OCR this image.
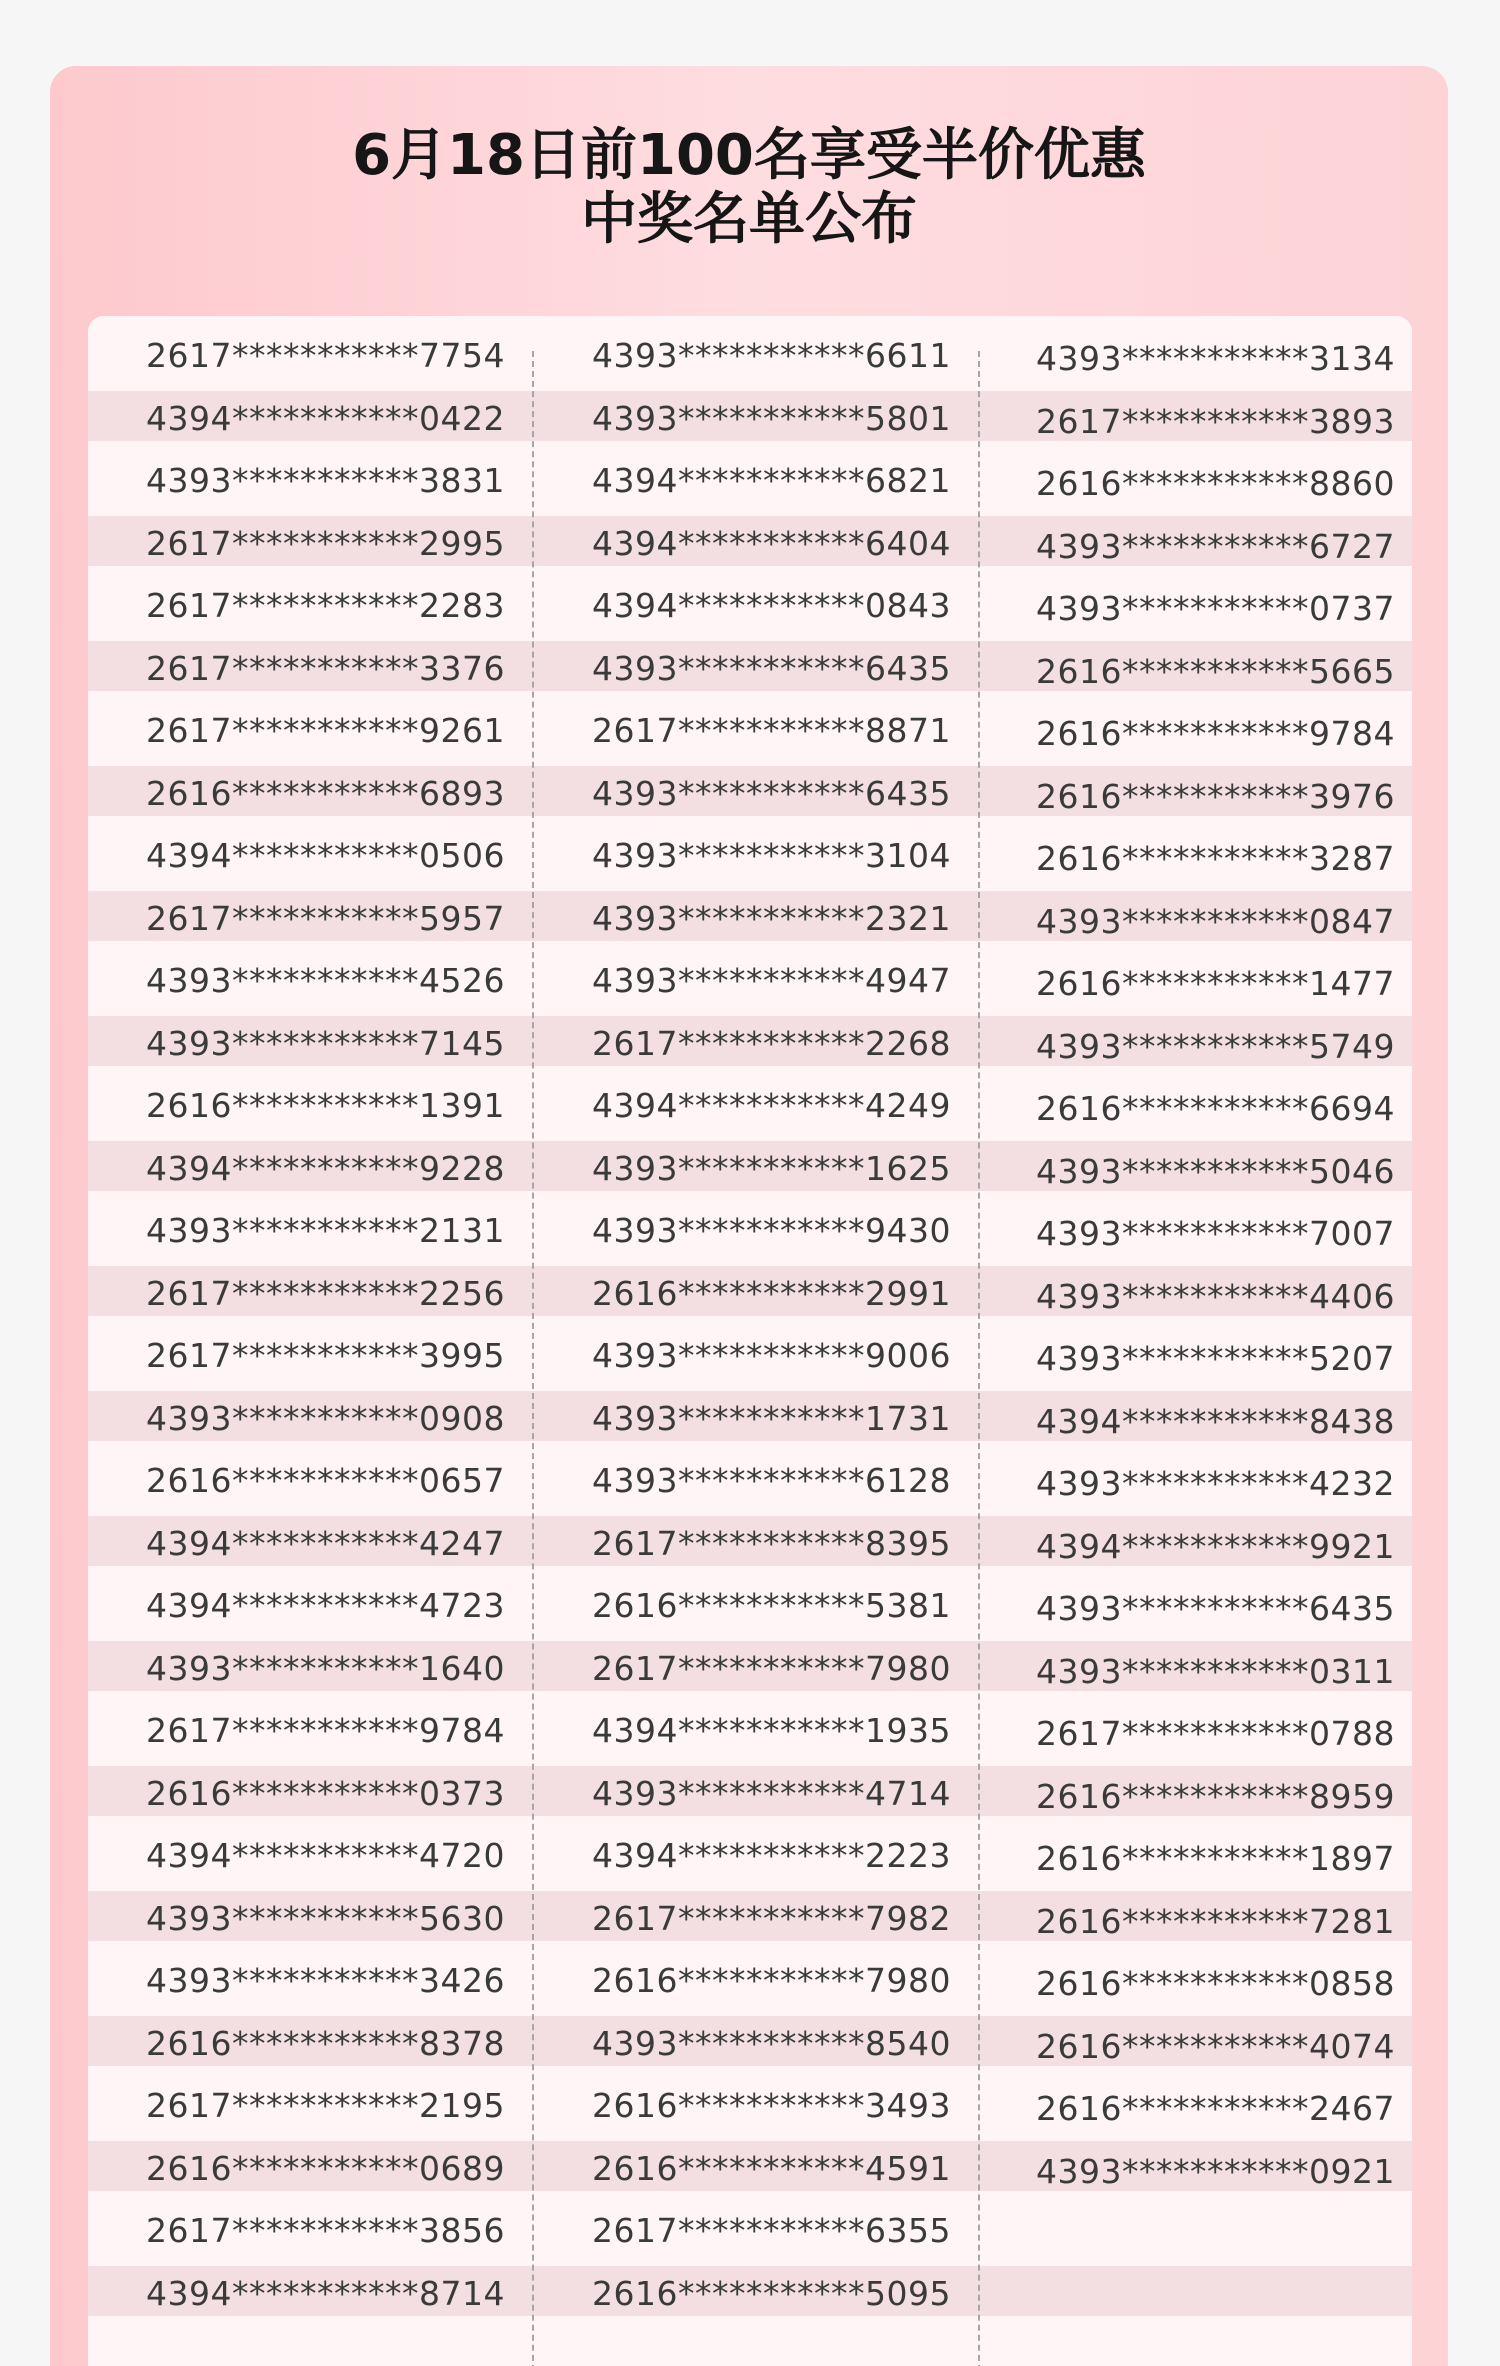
6月18日前100名享受半价优惠
中奖名单公布
2617***********7754
4394***********0422
4393***********3831
2617***********2995
2617***********2283
2617***********3376
2617***********9261
2616***********6893
4394***********0506
2617***********5957
4393***********4526
4393***********7145
2616***********1391
4394***********9228
4393***********2131
2617***********2256
2617***********3995
4393***********0908
2616***********0657
4394***********4247
4394***********4723
4393***********1640
2617***********9784
2616***********0373
4394***********4720
4393***********5630
4393***********3426
2616***********8378
2617***********2195
2616***********0689
2617***********3856
4394***********8714
4393***********6611
4393***********5801
4394***********6821
4394***********6404
4394***********0843
4393***********6435
2617***********8871
4393***********6435
4393***********3104
4393***********2321
4393***********4947
2617***********2268
4394***********4249
4393***********1625
4393***********9430
2616***********2991
4393***********9006
4393***********1731
4393***********6128
2617***********8395
2616***********5381
2617***********7980
4394***********1935
4393***********4714
4394***********2223
2617***********7982
2616***********7980
4393***********8540
2616***********3493
2616***********4591
2617***********6355
2616***********5095
4393***********3134
2617***********3893
2616***********8860
4393***********6727
4393***********0737
2616***********5665
2616***********9784
2616***********3976
2616***********3287
4393***********0847
2616***********1477
4393***********5749
2616***********6694
4393***********5046
4393***********7007
4393***********4406
4393***********5207
4394***********8438
4393***********4232
4394***********9921
4393***********6435
4393***********0311
2617***********0788
2616***********8959
2616***********1897
2616***********7281
2616***********0858
2616***********4074
2616***********2467
4393***********0921
